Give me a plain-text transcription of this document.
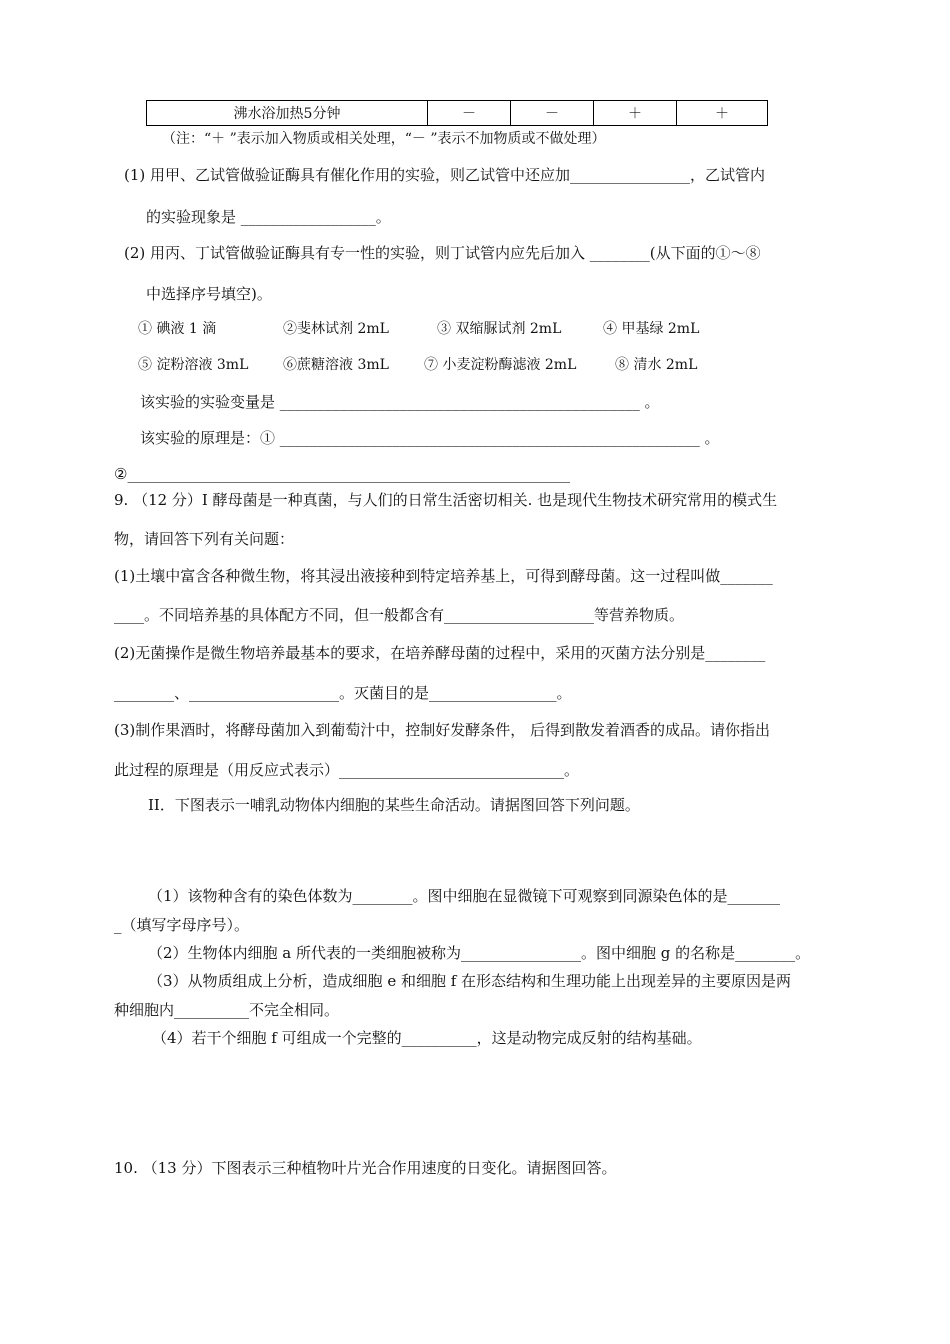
沸水浴加热5分钟	－	－	＋	＋
（注：“＋ ”表示加入物质或相关处理，“－ ”表示不加物质或不做处理）
(1) 用甲、乙试管做验证酶具有催化作用的实验，则乙试管中还应加________________，乙试管内
的实验现象是 __________________。
(2) 用丙、丁试管做验证酶具有专一性的实验，则丁试管内应先后加入 ________(从下面的①～⑧
中选择序号填空)。
① 碘液 1 滴	②斐林试剂 2mL	③ 双缩脲试剂 2mL	④ 甲基绿 2mL
⑤ 淀粉溶液 3mL ⑥蔗糖溶液 3mL	⑦ 小麦淀粉酶滤液 2mL	⑧ 清水 2mL
该实验的实验变量是 ________________________________________________ 。
该实验的原理是：① ________________________________________________________ 。
②___________________________________________________________
9. （12 分）I 酵母菌是一种真菌，与人们的日常生活密切相关. 也是现代生物技术研究常用的模式生
物，请回答下列有关问题：
(1)土壤中富含各种微生物，将其浸出液接种到特定培养基上，可得到酵母菌。这一过程叫做_______
____。不同培养基的具体配方不同，但一般都含有____________________等营养物质。
(2)无菌操作是微生物培养最基本的要求，在培养酵母菌的过程中，采用的灭菌方法分别是________
________、____________________。灭菌目的是_________________。
(3)制作果酒时，将酵母菌加入到葡萄汁中，控制好发酵条件， 后得到散发着酒香的成品。请你指出
此过程的原理是（用反应式表示）______________________________。
II．下图表示一哺乳动物体内细胞的某些生命活动。请据图回答下列问题。
（1）该物种含有的染色体数为________。图中细胞在显微镜下可观察到同源染色体的是_______
_（填写字母序号）。
（2）生物体内细胞 a 所代表的一类细胞被称为________________。图中细胞 g 的名称是________。
（3）从物质组成上分析，造成细胞 e 和细胞 f 在形态结构和生理功能上出现差异的主要原因是两
种细胞内__________不完全相同。
（4）若干个细胞 f 可组成一个完整的__________，这是动物完成反射的结构基础。
10. （13 分）下图表示三种植物叶片光合作用速度的日变化。请据图回答。
